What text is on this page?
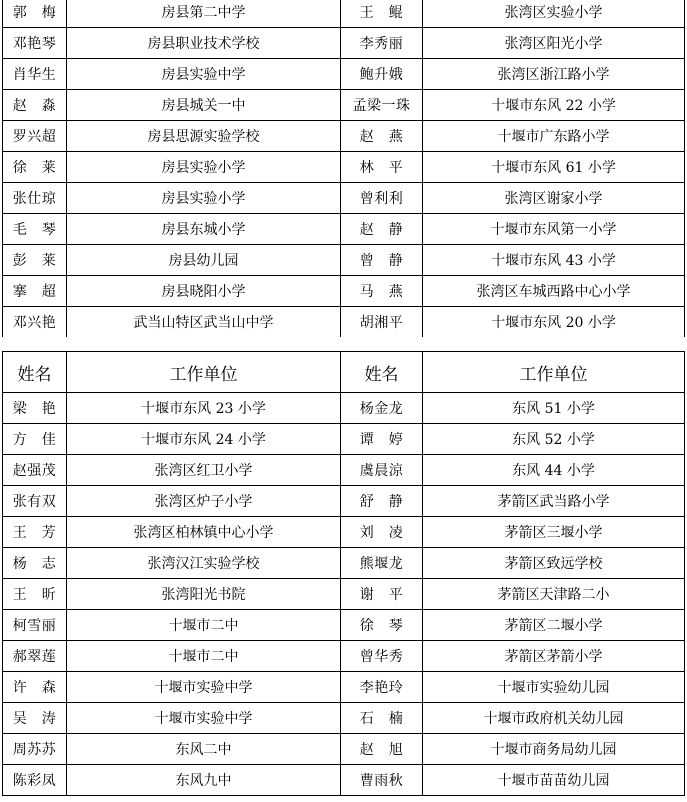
郭　梅	房县第二中学	王　鲲	张湾区实验小学
邓艳琴	房县职业技术学校	李秀丽	张湾区阳光小学
肖华生	房县实验中学	鲍升娥	张湾区浙江路小学
赵　淼	房县城关一中	孟梁一珠	十堰市东风 22 小学
罗兴超	房县思源实验学校	赵　燕	十堰市广东路小学
徐　莱	房县实验小学	林　平	十堰市东风 61 小学
张仕琼	房县实验小学	曾利利	张湾区谢家小学
毛　琴	房县东城小学	赵　静	十堰市东风第一小学
彭　莱	房县幼儿园	曾　静	十堰市东风 43 小学
搴　超	房县晓阳小学	马　燕	张湾区车城西路中心小学
邓兴艳	武当山特区武当山中学	胡湘平	十堰市东风 20 小学
姓名	工作单位	姓名	工作单位
梁　艳	十堰市东风 23 小学	杨金龙	东风 51 小学
方　佳	十堰市东风 24 小学	谭　婷	东风 52 小学
赵强茂	张湾区红卫小学	虞晨涼	东风 44 小学
张有双	张湾区炉子小学	舒　静	茅箭区武当路小学
王　芳	张湾区柏林镇中心小学	刘　凌	茅箭区三堰小学
杨　志	张湾汉江实验学校	熊堰龙	茅箭区致远学校
王　昕	张湾阳光书院	谢　平	茅箭区天津路二小
柯雪丽	十堰市二中	徐　琴	茅箭区二堰小学
郝翠莲	十堰市二中	曾华秀	茅箭区茅箭小学
许　森	十堰市实验中学	李艳玲	十堰市实验幼儿园
吴　涛	十堰市实验中学	石　楠	十堰市政府机关幼儿园
周苏苏	东风二中	赵　旭	十堰市商务局幼儿园
陈彩凤	东风九中	曹雨秋	十堰市苗苗幼儿园
